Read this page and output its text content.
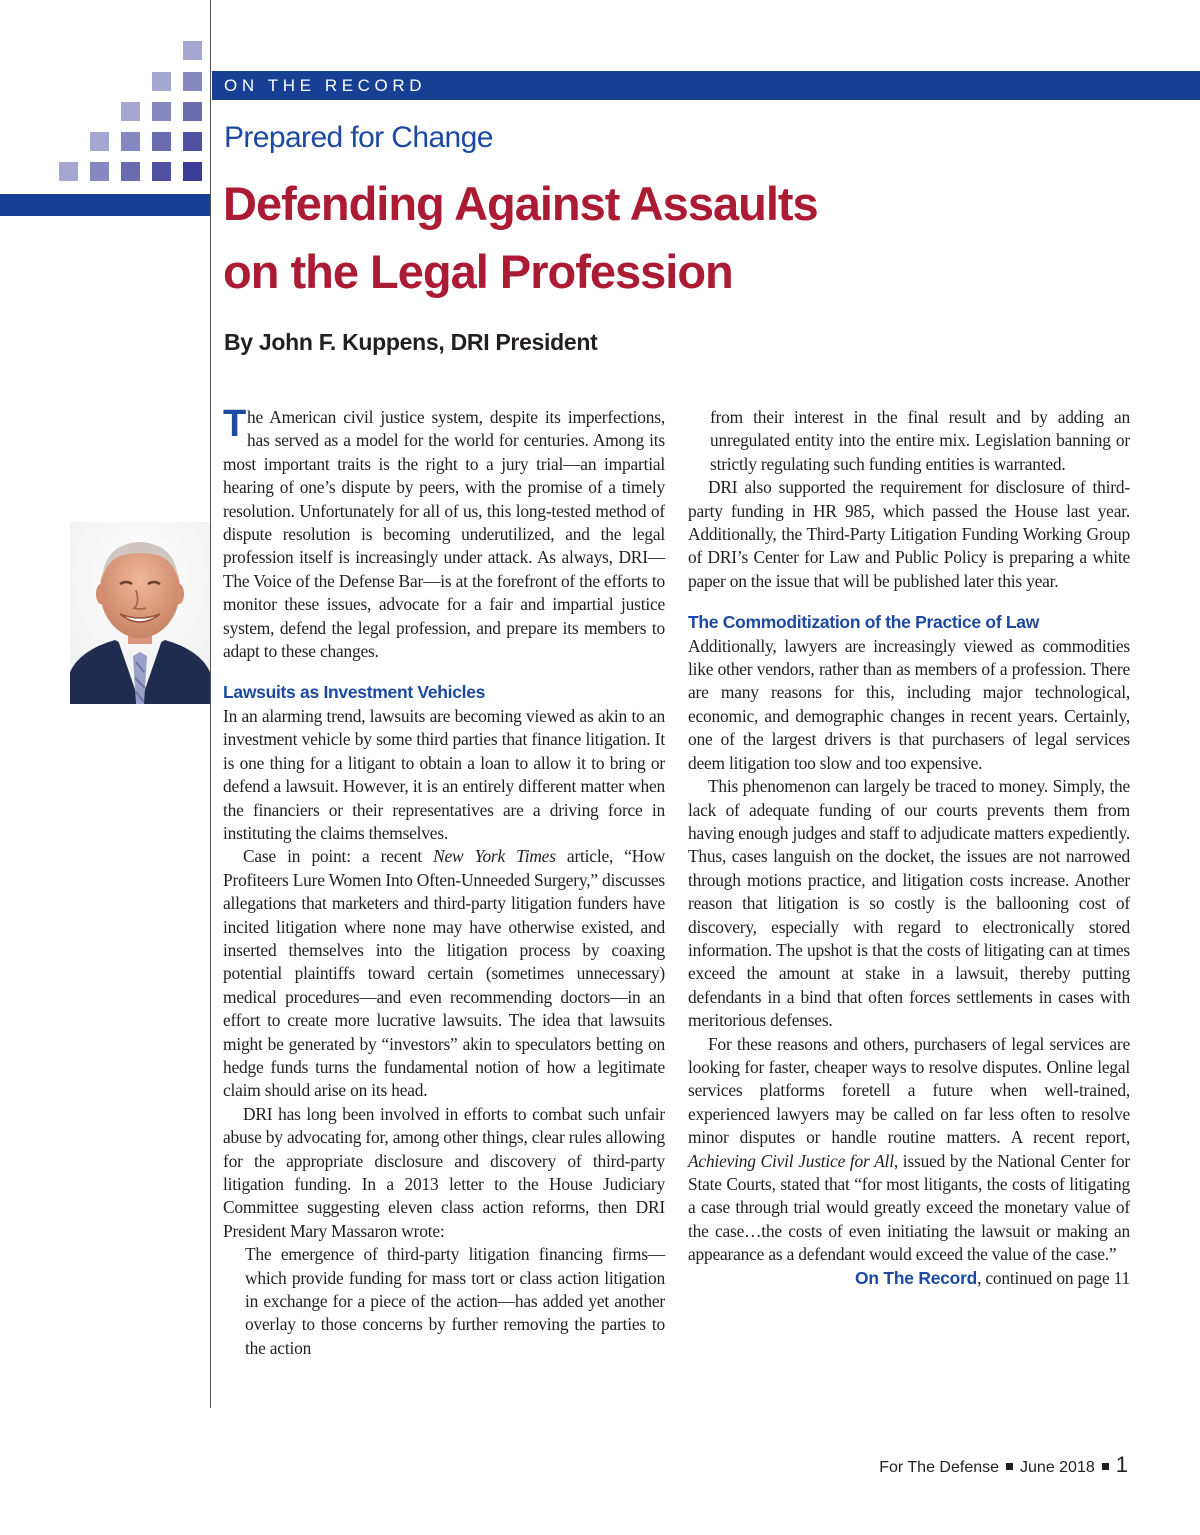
ON THE RECORD
Prepared for Change
Defending Against Assaults
on the Legal Profession
By John F. Kuppens, DRI President

The American civil justice system, despite its imperfections, has served as a model for the world for centuries. Among its most important traits is the right to a jury trial—an impartial hearing of one’s dispute by peers, with the promise of a timely resolution. Unfortunately for all of us, this long-tested method of dispute resolution is becoming underutilized, and the legal profession itself is increasingly under attack. As always, DRI—The Voice of the Defense Bar—is at the forefront of the efforts to monitor these issues, advocate for a fair and impartial justice system, defend the legal profession, and prepare its members to adapt to these changes.

Lawsuits as Investment Vehicles

In an alarming trend, lawsuits are becoming viewed as akin to an investment vehicle by some third parties that finance litigation. It is one thing for a litigant to obtain a loan to allow it to bring or defend a lawsuit. However, it is an entirely different matter when the financiers or their representatives are a driving force in instituting the claims themselves.

Case in point: a recent New York Times article, “How Profiteers Lure Women Into Often-Unneeded Surgery,” discusses allegations that marketers and third-party litigation funders have incited litigation where none may have otherwise existed, and inserted themselves into the litigation process by coaxing potential plaintiffs toward certain (sometimes unnecessary) medical procedures—and even recommending doctors—in an effort to create more lucrative lawsuits. The idea that lawsuits might be generated by “investors” akin to speculators betting on hedge funds turns the fundamental notion of how a legitimate claim should arise on its head.

DRI has long been involved in efforts to combat such unfair abuse by advocating for, among other things, clear rules allowing for the appropriate disclosure and discovery of third-party litigation funding. In a 2013 letter to the House Judiciary Committee suggesting eleven class action reforms, then DRI President Mary Massaron wrote:

The emergence of third-party litigation financing firms—which provide funding for mass tort or class action litigation in exchange for a piece of the action—has added yet another overlay to those concerns by further removing the parties to the action

from their interest in the final result and by adding an unregulated entity into the entire mix. Legislation banning or strictly regulating such funding entities is warranted.

DRI also supported the requirement for disclosure of third-party funding in HR 985, which passed the House last year. Additionally, the Third-Party Litigation Funding Working Group of DRI’s Center for Law and Public Policy is preparing a white paper on the issue that will be published later this year.

The Commoditization of the Practice of Law

Additionally, lawyers are increasingly viewed as commodities like other vendors, rather than as members of a profession. There are many reasons for this, including major technological, economic, and demographic changes in recent years. Certainly, one of the largest drivers is that purchasers of legal services deem litigation too slow and too expensive.

This phenomenon can largely be traced to money. Simply, the lack of adequate funding of our courts prevents them from having enough judges and staff to adjudicate matters expediently. Thus, cases languish on the docket, the issues are not narrowed through motions practice, and litigation costs increase. Another reason that litigation is so costly is the ballooning cost of discovery, especially with regard to electronically stored information. The upshot is that the costs of litigating can at times exceed the amount at stake in a lawsuit, thereby putting defendants in a bind that often forces settlements in cases with meritorious defenses.

For these reasons and others, purchasers of legal services are looking for faster, cheaper ways to resolve disputes. Online legal services platforms foretell a future when well-trained, experienced lawyers may be called on far less often to resolve minor disputes or handle routine matters. A recent report, Achieving Civil Justice for All, issued by the National Center for State Courts, stated that “for most litigants, the costs of litigating a case through trial would greatly exceed the monetary value of the case…the costs of even initiating the lawsuit or making an appearance as a defendant would exceed the value of the case.”

On The Record, continued on page 11

For The Defense June 2018 1
